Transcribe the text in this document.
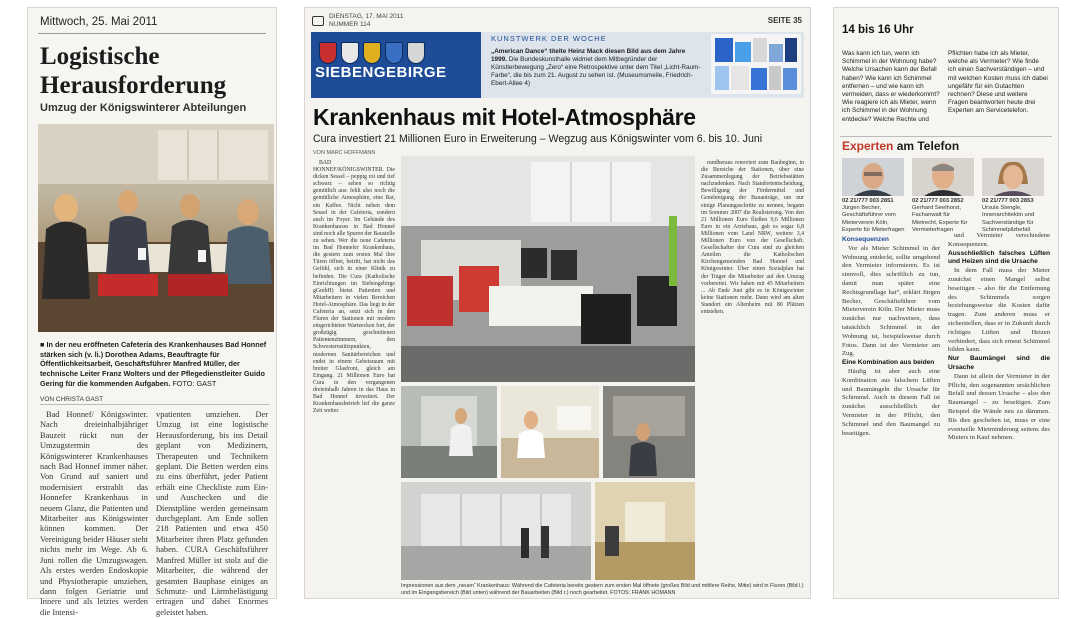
Mittwoch, 25. Mai 2011
Logistische Herausforderung
Umzug der Königswinterer Abteilungen
■ In der neu eröffneten Cafeteria des Krankenhauses Bad Honnef stärken sich (v. li.) Dorothea Adams, Beauftragte für Öffentlichkeitsarbeit, Geschäftsführer Manfred Müller, der technische Leiter Franz Wolters und der Pflegedienstleiter Guido Gering für die kommenden Aufgaben. FOTO: GAST
VON CHRISTA GAST

Bad Honnef/ Königswinter. Nach dreieinhalbjähriger Bauzeit rückt nun der Umzugstermin des Königswinterer Krankenhauses nach Bad Honnef immer näher. Von Grund auf saniert und modernisiert erstrahlt das Honnefer Krankenhaus in neuem Glanz, die Patienten und Mitarbeiter aus Königswinter können kommen. Der Vereinigung beider Häuser steht nichts mehr im Wege. Ab 6. Juni rollen die Umzugswagen. Als erstes werden Endoskopie und Physiotherapie umziehen, dann folgen Geriatrie und Innere und als letztes werden die Intensi-

vpatienten umziehen. Der Umzug ist eine logistische Herausforderung, bis ins Detail geplant von Medizinern, Therapeuten und Technikern geplant. Die Betten werden eins zu eins überführt, jeder Patient erhält eine Checkliste zum Ein- und Auschecken und die Dienstpläne werden gemeinsam durchgeplant. Am Ende sollen 218 Patienten und etwa 450 Mitarbeiter ihren Platz gefunden haben. CURA Geschäftsführer Manfred Müller ist stolz auf die Mitarbeiter, die während der gesamten Bauphase einiges an Schmutz- und Lärmbelästigung ertragen und dabei Enormes geleistet haben.

DIENSTAG, 17. MAI 2011
NUMMER 114	SEITE 35
SIEBENGEBIRGE
KUNSTWERK DER WOCHE
„American Dance“ titelte Heinz Mack diesen Bild aus dem Jahre 1999. Die Bundeskunsthalle widmet dem Mitbegründer der Künstlerbewegung „Zero“ eine Retrospektive unter dem Titel „Licht-Raum-Farbe“, die bis zum 21. August zu sehen ist. (Museumsmeile, Friedrich-Ebert-Allee 4)
Krankenhaus mit Hotel-Atmosphäre
Cura investiert 21 Millionen Euro in Erweiterung – Wegzug aus Königswinter vom 6. bis 10. Juni
VON MARC HOFFMANN

BAD HONNEF/KÖNIGSWINTER. Die dicken Sessel – peppig rot und tief schwarz – sehen so richtig gemütlich aus: fehlt also noch die gemütliche Atmosphäre, eine Bar, ein Kaffee. Nicht neben dem Sessel in der Cafeteria, sondern auch im Foyer. Im Gebäude des Krankenhauses in Bad Honnef sind noch alle Spuren der Baustelle zu sehen. Wer die neue Cafeteria im Bad Honnefer Krankenhaus, die gestern zum ersten Mal ihre Türen öffnet, betritt, hat nicht das Gefühl, sich in einer Klinik zu befinden. Die Cura (Katholische Einrichtungen im Siebengebirge gGmbH) bietet Patienten und Mitarbeitern in vielen Bereichen Hotel-Atmosphäre. Das liegt in der Cafeteria an, setzt sich in den Fluren der Stationen mit modern eingerichteten Warteecken fort, der großzügig geschnittenen Patientenzimmern, den Schwesternstützpunkten, modernen Sanitärbereichen und endet in einem Gebetsraum mit breiter Glasfront, gleich am Eingang. 21 Millionen Euro hat Cura in den vergangenen dreieinhalb Jahren in das Haus in Bad Honnef investiert. Der Krankenhausbetrieb lief die ganze Zeit weiter.

rundheraus renoviert zum Baubeginn, in die Bereiche der Stationen, über eine Zusammenlegung der Betriebsstätten nachzudenken. Nach Standortentscheidung, Bewilligung der Fördermittel und Genehmigung der Bauanträge, um nur einige Planungsschritte zu nennen, begann im Sommer 2007 die Realisierung. Von den 21 Millionen Euro fließen 9,6 Millionen Euro in ein Arztehaus, gab es sogar 6,8 Millionen vom Land NRW, weitere 3,4 Millionen Euro von der Gesellschaft. Gesellschafter der Cura sind zu gleichen Anteilen die Katholischen Kirchengemeinden Bad Honnef und Königswinter. Über einen Sozialplan hat der Träger die Mitarbeiter auf den Umzug vorbereitet. Wir haben mit 45 Mitarbeitern ... Ab Ende Juni gibt es in Königswinter keine Stationen mehr. Dann wird am alten Standort ein Altenheim mit 80 Plätzen entstehen.

Impressionen aus dem „neuen“ Krankenhaus: Während die Cafeteria bereits gestern zum ersten Mal öffnete (großes Bild und mittlere Reihe, Mitte) wird in Fluren (Bild l.) und im Eingangsbereich (Bild unten) während der Bauarbeiten (Bild r.) noch gearbeitet. FOTOS: FRANK HOMANN
14 bis 16 Uhr
Was kann ich tun, wenn ich Schimmel in der Wohnung habe? Welche Ursachen kann der Befall haben? Wie kann ich Schimmel entfernen – und wie kann ich vermeiden, dass er wiederkommt? Wie reagiere ich als Mieter, wenn ich Schimmel in der Wohnung entdecke? Welche Rechte und
Pflichten habe ich als Mieter, welche als Vermieter? Wie finde ich einen Sachverständigen – und mit welchen Kosten muss ich dabei ungefähr für ein Gutachten rechnen? Diese und weitere Fragen beantworten heute drei Experten am Servicetelefon.
Experten am Telefon
02 21/777 003 2851
Jürgen Becher,
Geschäftsführer vom Mieterverein Köln, Experte für Mieterfragen
02 21/777 003 2852
Gerhard Seelhorst,
Fachanwalt für Mietrecht, Experte für Vermieterfragen
02 21/777 003 2853
Ursula Stengle,
Innenarchitektin und Sachverständige für Schimmelpilzbefall
Konsequenzen

Vor als Mieter Schimmel in der Wohnung entdeckt, sollte umgehend den Vermieter informieren. Es ist sinnvoll, dies schriftlich zu tun, damit man später eine Rechtsgrundlage hat“, erklärt Jürgen Becher, Geschäftsführer vom Mieterverein Köln. Der Mieter muss zunächst nur nachweisen, dass tatsächlich Schimmel in der Wohnung ist, beispielsweise durch Fotos. Dann ist der Vermieter am Zug.

Eine Kombination aus beiden

Häufig ist aber auch eine Kombination aus falschem Lüften und Baumängeln die Ursache für Schimmel. Auch in diesem Fall ist zunächst ausschließlich der Vermieter in der Pflicht, den Schimmel und den Baumangel zu beseitigen.

und Vermieter verschiedene Konsequenzen.

Ausschließlich falsches Lüften und Heizen sind die Ursache

In dem Fall muss der Mieter zunächst einen Mangel selbst beseitigen – also für die Entfernung des Schimmels sorgen beziehungsweise die Kosten dafür tragen. Zum anderen muss er sicherstellen, dass er in Zukunft durch richtiges Lüften und Heizen verhindert, dass sich erneut Schimmel bilden kann.

Nur Baumängel sind die Ursache

Dann ist allein der Vermieter in der Pflicht, den sogenannten ursächlichen Befall und dessen Ursache – also den Baumangel – zu beseitigen. Zum Beispiel die Wände neu zu dämmen. Bis dies geschehen ist, muss er eine eventuelle Mietminderung seitens des Mieters in Kauf nehmen.
